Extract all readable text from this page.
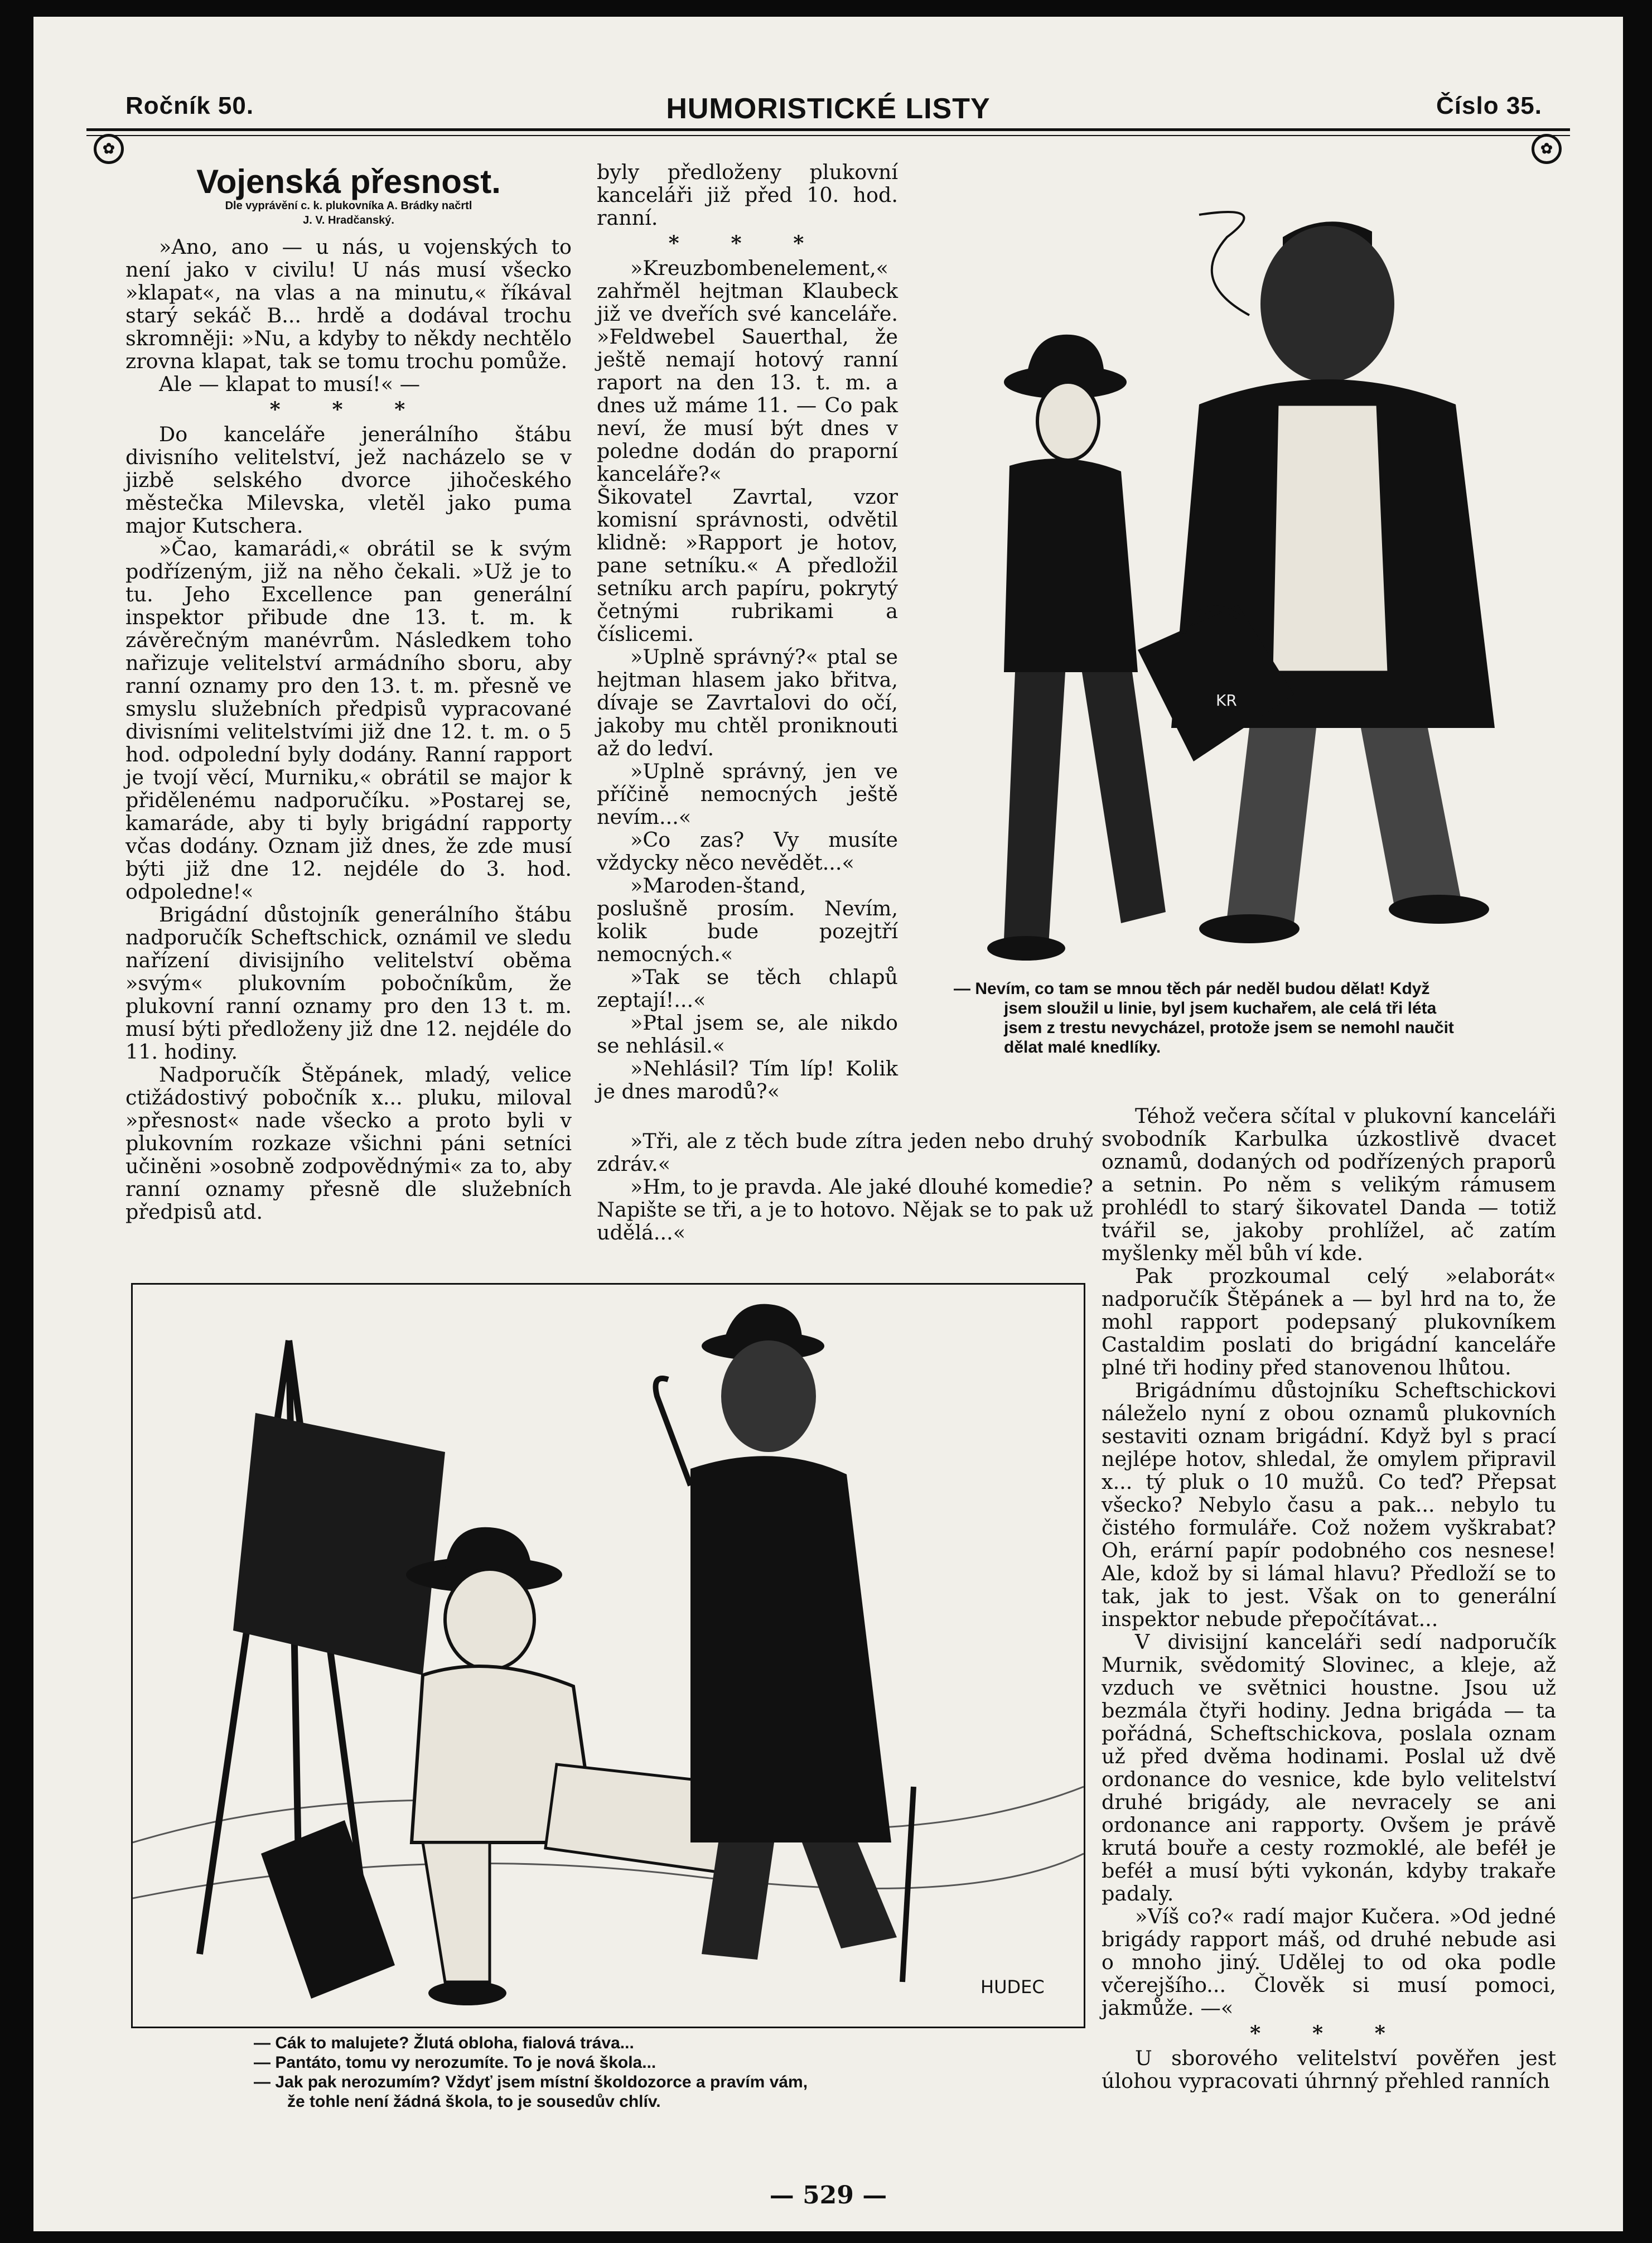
Ročník 50.	HUMORISTICKÉ LISTY	Číslo 35.
✿	✿
Vojenská přesnost.
Dle vyprávění c. k. plukovníka A. Brádky načrtl
J. V. Hradčanský.

»Ano, ano — u nás, u vojenských to není jako v civilu! U nás musí všecko »klapat«, na vlas a na minutu,« říkával starý sekáč B... hrdě a dodával trochu skromněji: »Nu, a kdyby to někdy nechtělo zrovna klapat, tak se tomu trochu pomůže.

Ale — klapat to musí!« —

* * *

Do kanceláře jenerálního štábu divisního velitelství, jež nacházelo se v jizbě selského dvorce jihočeského městečka Milevska, vletěl jako puma major Kutschera.

»Čao, kamarádi,« obrátil se k svým podřízeným, již na něho čekali. »Už je to tu. Jeho Excellence pan generální inspektor přibude dne 13. t. m. k závěrečným manévrům. Následkem toho nařizuje velitelství armádního sboru, aby ranní oznamy pro den 13. t. m. přesně ve smyslu služebních předpisů vypracované divisními velitelstvími již dne 12. t. m. o 5 hod. odpolední byly dodány. Ranní rapport je tvojí věcí, Murniku,« obrátil se major k přidělenému nadporučíku. »Postarej se, kamaráde, aby ti byly brigádní rapporty včas dodány. Oznam již dnes, že zde musí býti již dne 12. nejdéle do 3. hod. odpoledne!«

Brigádní důstojník generálního štábu nadporučík Scheftschick, oznámil ve sledu nařízení divisijního velitelství oběma »svým« plukovním pobočníkům, že plukovní ranní oznamy pro den 13 t. m. musí býti předloženy již dne 12. nejdéle do 11. hodiny.

Nadporučík Štěpánek, mladý, velice ctižádostivý pobočník x... pluku, miloval »přesnost« nade všecko a proto byli v plukovním rozkaze všichni páni setníci učiněni »osobně zodpovědnými« za to, aby ranní oznamy přesně dle služebních předpisů atd.

byly předloženy plukovní kanceláři již před 10. hod. ranní.

* * *

»Kreuzbombenelement,« zahřměl hejtman Klaubeck již ve dveřích své kanceláře. »Feldwebel Sauerthal, že ještě nemají hotový ranní raport na den 13. t. m. a dnes už máme 11. — Co pak neví, že musí být dnes v poledne dodán do praporní kanceláře?«

Šikovatel Zavrtal, vzor komisní správnosti, odvětil klidně: »Rapport je hotov, pane setníku.« A předložil setníku arch papíru, pokrytý četnými rubrikami a číslicemi.

»Uplně správný?« ptal se hejtman hlasem jako břitva, dívaje se Zavrtalovi do očí, jakoby mu chtěl proniknouti až do ledví.

»Uplně správný, jen ve příčině nemocných ještě nevím...«

»Co zas? Vy musíte vždycky něco nevědět...«

»Maroden-štand, poslušně prosím. Nevím, kolik bude pozejtří nemocných.«

»Tak se těch chlapů zeptají!...«

»Ptal jsem se, ale nikdo se nehlásil.«

»Nehlásil? Tím líp! Kolik je dnes marodů?«

»Tři, ale z těch bude zítra jeden nebo druhý zdráv.«

»Hm, to je pravda. Ale jaké dlouhé komedie? Napište se tři, a je to hotovo. Nějak se to pak už udělá...«

KR
— Nevím, co tam se mnou těch pár neděl budou dělat! Když
jsem sloužil u linie, byl jsem kuchařem, ale celá tři léta
jsem z trestu nevycházel, protože jsem se nemohl naučit
dělat malé knedlíky.

Téhož večera sčítal v plukovní kanceláři svobodník Karbulka úzkostlivě dvacet oznamů, dodaných od podřízených praporů a setnin. Po něm s velikým rámusem prohlédl to starý šikovatel Danda — totiž tvářil se, jakoby prohlížel, ač zatím myšlenky měl bůh ví kde.

Pak prozkoumal celý »elaborát« nadporučík Štěpánek a — byl hrd na to, že mohl rapport podepsaný plukovníkem Castaldim poslati do brigádní kanceláře plné tři hodiny před stanovenou lhůtou.

Brigádnímu důstojníku Scheftschickovi náleželo nyní z obou oznamů plukovních sestaviti oznam brigádní. Když byl s prací nejlépe hotov, shledal, že omylem připravil x... tý pluk o 10 mužů. Co teď? Přepsat všecko? Nebylo času a pak... nebylo tu čistého formuláře. Což nožem vyškrabat? Oh, erární papír podobného cos nesnese! Ale, kdož by si lámal hlavu? Předloží se to tak, jak to jest. Však on to generální inspektor nebude přepočítávat...

V divisijní kanceláři sedí nadporučík Murnik, svědomitý Slovinec, a kleje, až vzduch ve světnici houstne. Jsou už bezmála čtyři hodiny. Jedna brigáda — ta pořádná, Scheftschickova, poslala oznam už před dvěma hodinami. Poslal už dvě ordonance do vesnice, kde bylo velitelství druhé brigády, ale nevracely se ani ordonance ani rapporty. Ovšem je právě krutá bouře a cesty rozmoklé, ale beféł je beféł a musí býti vykonán, kdyby trakaře padaly.

»Víš co?« radí major Kučera. »Od jedné brigády rapport máš, od druhé nebude asi o mnoho jiný. Udělej to od oka podle včerejšího... Člověk si musí pomoci, jakmůže. —«

* * *

U sborového velitelství pověřen jest úlohou vypracovati úhrnný přehled ranních

HUDEC
— Cák to malujete? Žlutá obloha, fialová tráva...
— Pantáto, tomu vy nerozumíte. To je nová škola...
— Jak pak nerozumím? Vždyť jsem místní školdozorce a pravím vám,
že tohle není žádná škola, to je sousedův chlív.
— 529 —
